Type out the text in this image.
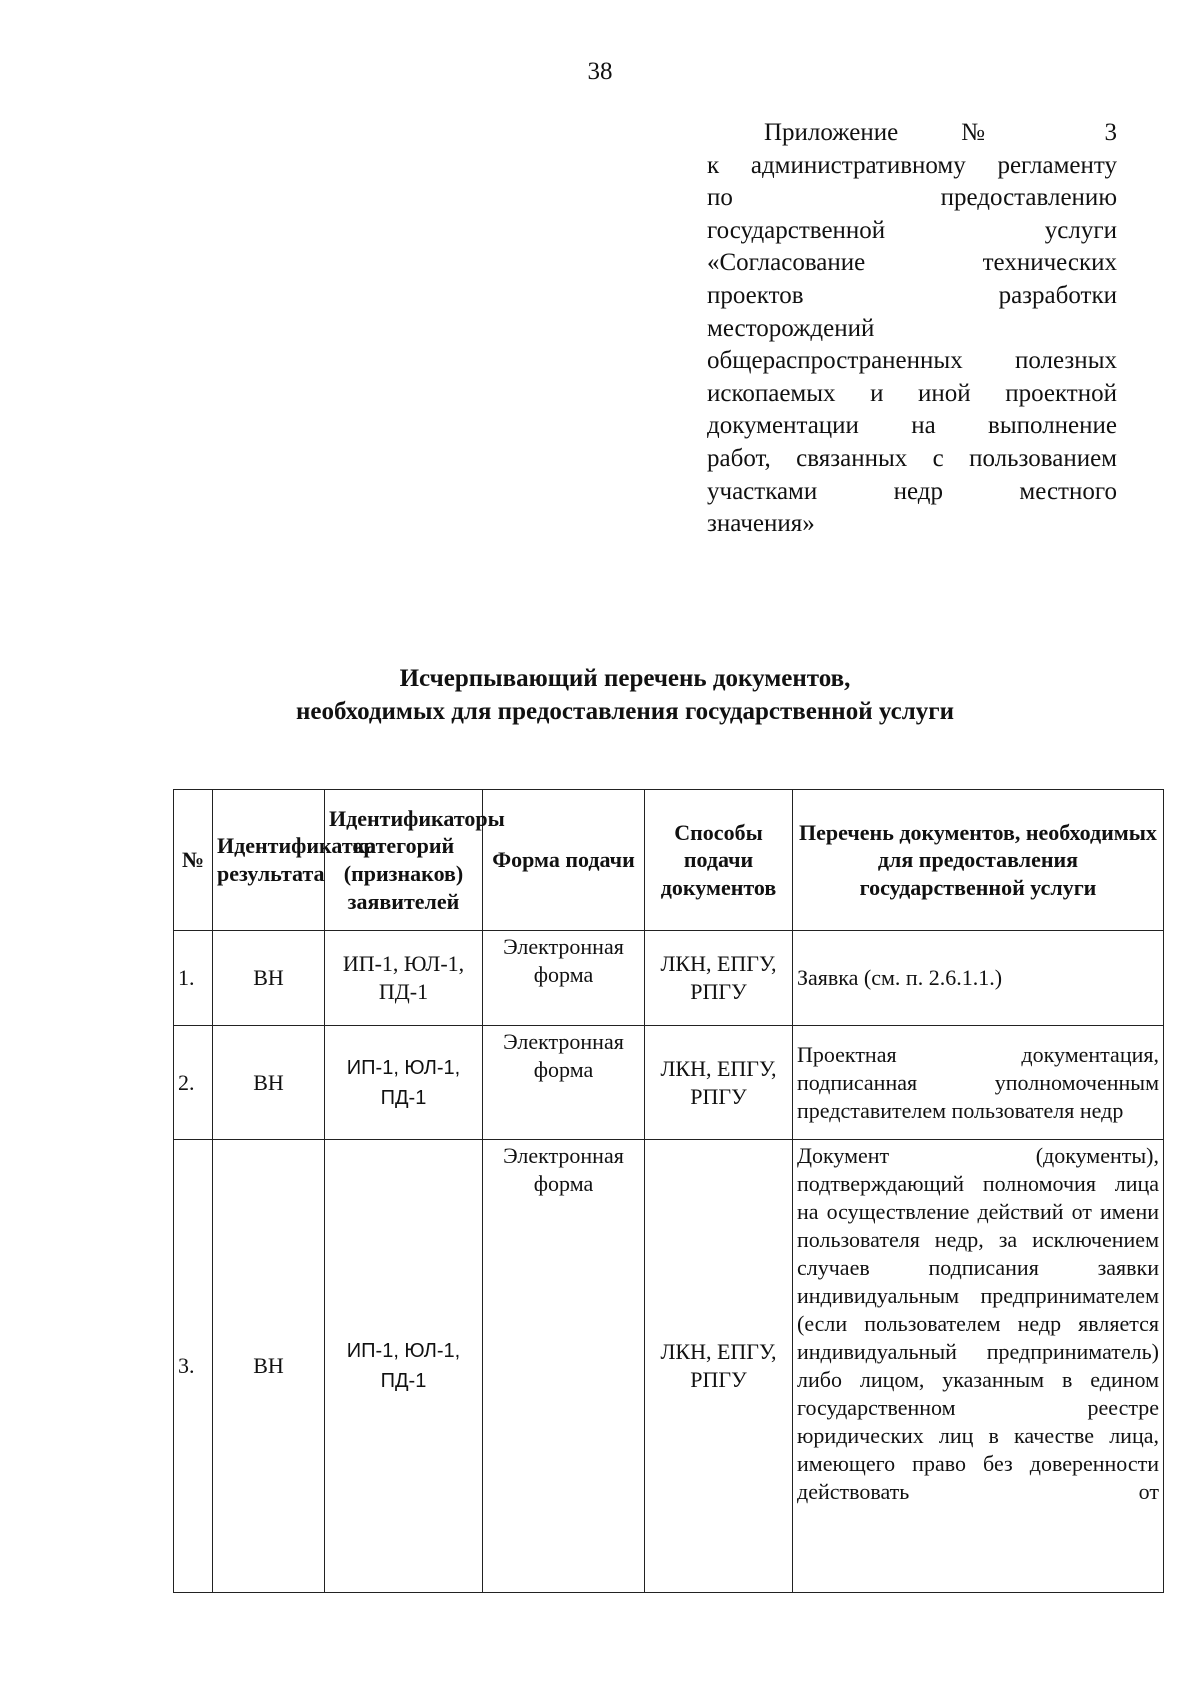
38
Приложение № 3
к административному регламенту
по предоставлению
государственной услуги
«Согласование технических
проектов разработки
месторождений
общераспространенных полезных
ископаемых и иной проектной
документации на выполнение
работ, связанных с пользованием
участками недр местного
значения»
Исчерпывающий перечень документов,
необходимых для предоставления государственной услуги
№	Идентификатор результата	Идентификаторы категорий (признаков) заявителей	Форма подачи	Способы подачи документов	Перечень документов, необходимых для предоставления государственной услуги
1.	ВН	ИП-1, ЮЛ-1, ПД-1	Электронная форма	ЛКН, ЕПГУ, РПГУ	Заявка (см. п. 2.6.1.1.)
2.	ВН	ИП-1, ЮЛ-1, ПД-1	Электронная форма	ЛКН, ЕПГУ, РПГУ	Проектная документация, подписанная уполномоченным представителем пользователя недр

3.	ВН	ИП-1, ЮЛ-1, ПД-1	Электронная форма	ЛКН, ЕПГУ, РПГУ	Документ (документы), подтверждающий полномочия лица на осуществление действий от имени пользователя недр, за исключением случаев подписания заявки индивидуальным предпринимателем (если пользователем недр является индивидуальный предприниматель) либо лицом, указанным в едином государственном реестре юридических лиц в качестве лица, имеющего право без доверенности действовать от
